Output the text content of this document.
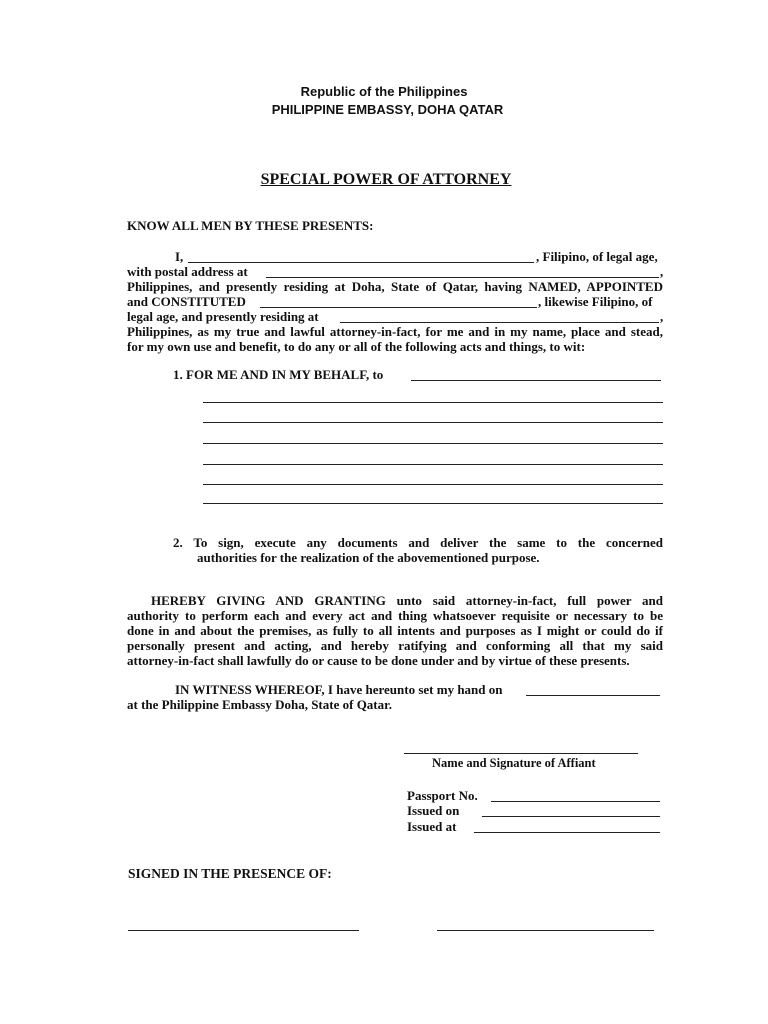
Republic of the Philippines
PHILIPPINE EMBASSY, DOHA QATAR
SPECIAL POWER OF ATTORNEY
KNOW ALL MEN BY THESE PRESENTS:
I,	, Filipino, of legal age,
with postal address at	,
Philippines, and presently residing at Doha, State of Qatar, having NAMED, APPOINTED
and CONSTITUTED	, likewise Filipino, of
legal age, and presently residing at	,
Philippines, as my true and lawful attorney-in-fact, for me and in my name, place and stead,
for my own use and benefit, to do any or all of the following acts and things, to wit:
1. FOR ME AND IN MY BEHALF, to
2. To sign, execute any documents and deliver the same to the concerned
authorities for the realization of the abovementioned purpose.
HEREBY GIVING AND GRANTING unto said attorney-in-fact, full power and
authority to perform each and every act and thing whatsoever requisite or necessary to be
done in and about the premises, as fully to all intents and purposes as I might or could do if
personally present and acting, and hereby ratifying and conforming all that my said
attorney-in-fact shall lawfully do or cause to be done under and by virtue of these presents.
IN WITNESS WHEREOF, I have hereunto set my hand on
at the Philippine Embassy Doha, State of Qatar.
Name and Signature of Affiant
Passport No.
Issued on
Issued at
SIGNED IN THE PRESENCE OF:
